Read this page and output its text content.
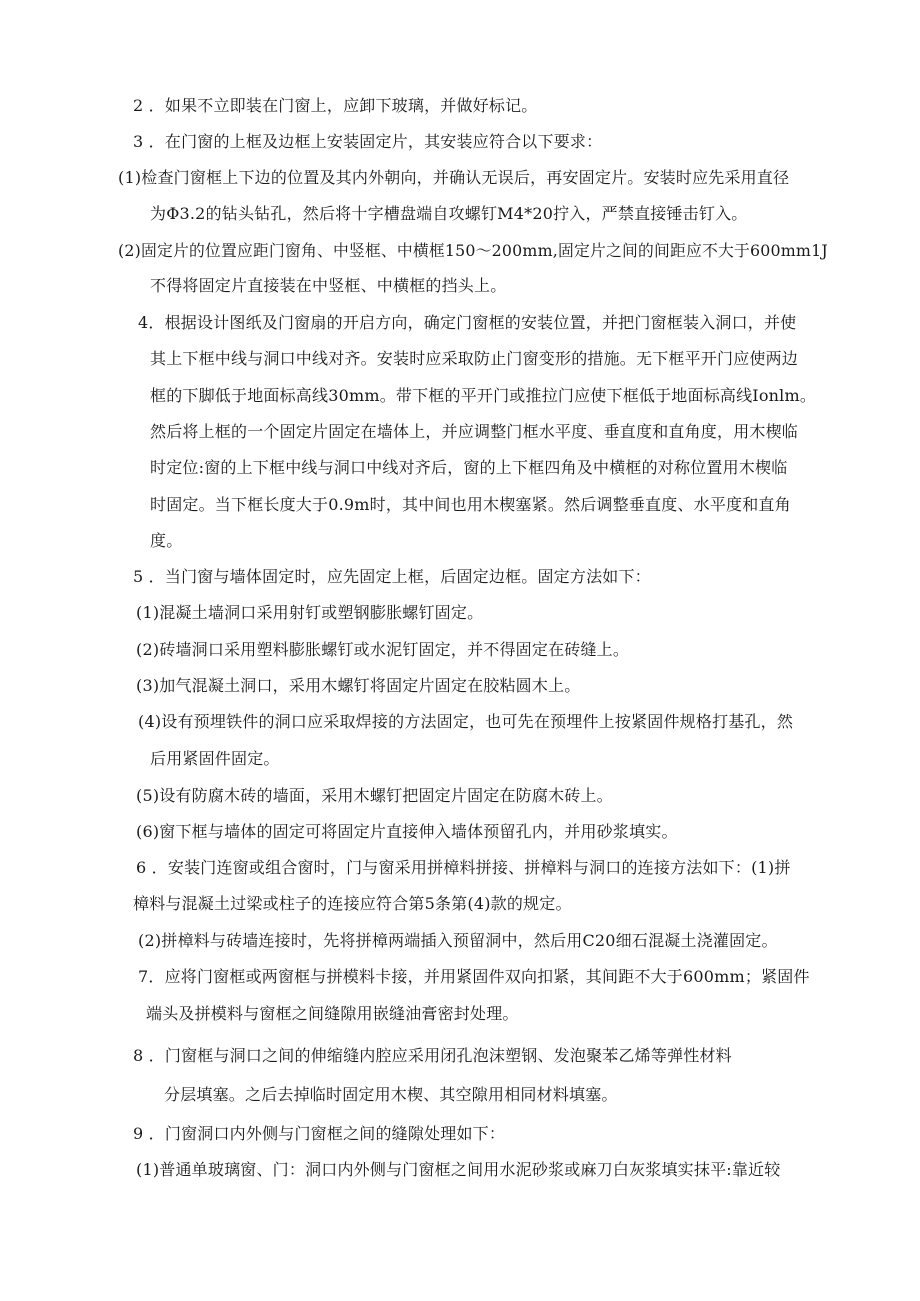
2 ．如果不立即装在门窗上，应卸下玻璃，并做好标记。
3 ．在门窗的上框及边框上安装固定片，其安装应符合以下要求：
(1)检查门窗框上下边的位置及其内外朝向，并确认无误后，再安固定片。安装时应先采用直径
为Φ3.2的钻头钻孔，然后将十字槽盘端自攻螺钉M4*20拧入，严禁直接锤击钉入。
(2)固定片的位置应距门窗角、中竖框、中横框150～200mm,固定片之间的间距应不大于600mm1J
不得将固定片直接装在中竖框、中横框的挡头上。
4．根据设计图纸及门窗扇的开启方向，确定门窗框的安装位置，并把门窗框装入洞口，并使
其上下框中线与洞口中线对齐。安装时应采取防止门窗变形的措施。无下框平开门应使两边
框的下脚低于地面标高线30mm。带下框的平开门或推拉门应使下框低于地面标高线Ionlm。
然后将上框的一个固定片固定在墙体上，并应调整门框水平度、垂直度和直角度，用木楔临
时定位:窗的上下框中线与洞口中线对齐后，窗的上下框四角及中横框的对称位置用木楔临
时固定。当下框长度大于0.9m时，其中间也用木楔塞紧。然后调整垂直度、水平度和直角
度。
5 ．当门窗与墙体固定时，应先固定上框，后固定边框。固定方法如下：
(1)混凝土墙洞口采用射钉或塑钢膨胀螺钉固定。
(2)砖墙洞口采用塑料膨胀螺钉或水泥钉固定，并不得固定在砖缝上。
(3)加气混凝土洞口，采用木螺钉将固定片固定在胶粘圆木上。
(4)设有预埋铁件的洞口应采取焊接的方法固定，也可先在预埋件上按紧固件规格打基孔，然
后用紧固件固定。
(5)设有防腐木砖的墙面，采用木螺钉把固定片固定在防腐木砖上。
(6)窗下框与墙体的固定可将固定片直接伸入墙体预留孔内，并用砂浆填实。
6 ．安装门连窗或组合窗时，门与窗采用拼樟料拼接、拼樟料与洞口的连接方法如下：(1)拼
樟料与混凝土过梁或柱子的连接应符合第5条第(4)款的规定。
(2)拼樟料与砖墙连接时，先将拼樟两端插入预留洞中，然后用C20细石混凝土浇灌固定。
7．应将门窗框或两窗框与拼模料卡接，并用紧固件双向扣紧，其间距不大于600mm；紧固件
端头及拼模料与窗框之间缝隙用嵌缝油膏密封处理。
8 ．门窗框与洞口之间的伸缩缝内腔应采用闭孔泡沫塑钢、发泡聚苯乙烯等弹性材料
分层填塞。之后去掉临时固定用木楔、其空隙用相同材料填塞。
9 ．门窗洞口内外侧与门窗框之间的缝隙处理如下：
(1)普通单玻璃窗、门：洞口内外侧与门窗框之间用水泥砂浆或麻刀白灰浆填实抹平:靠近较
